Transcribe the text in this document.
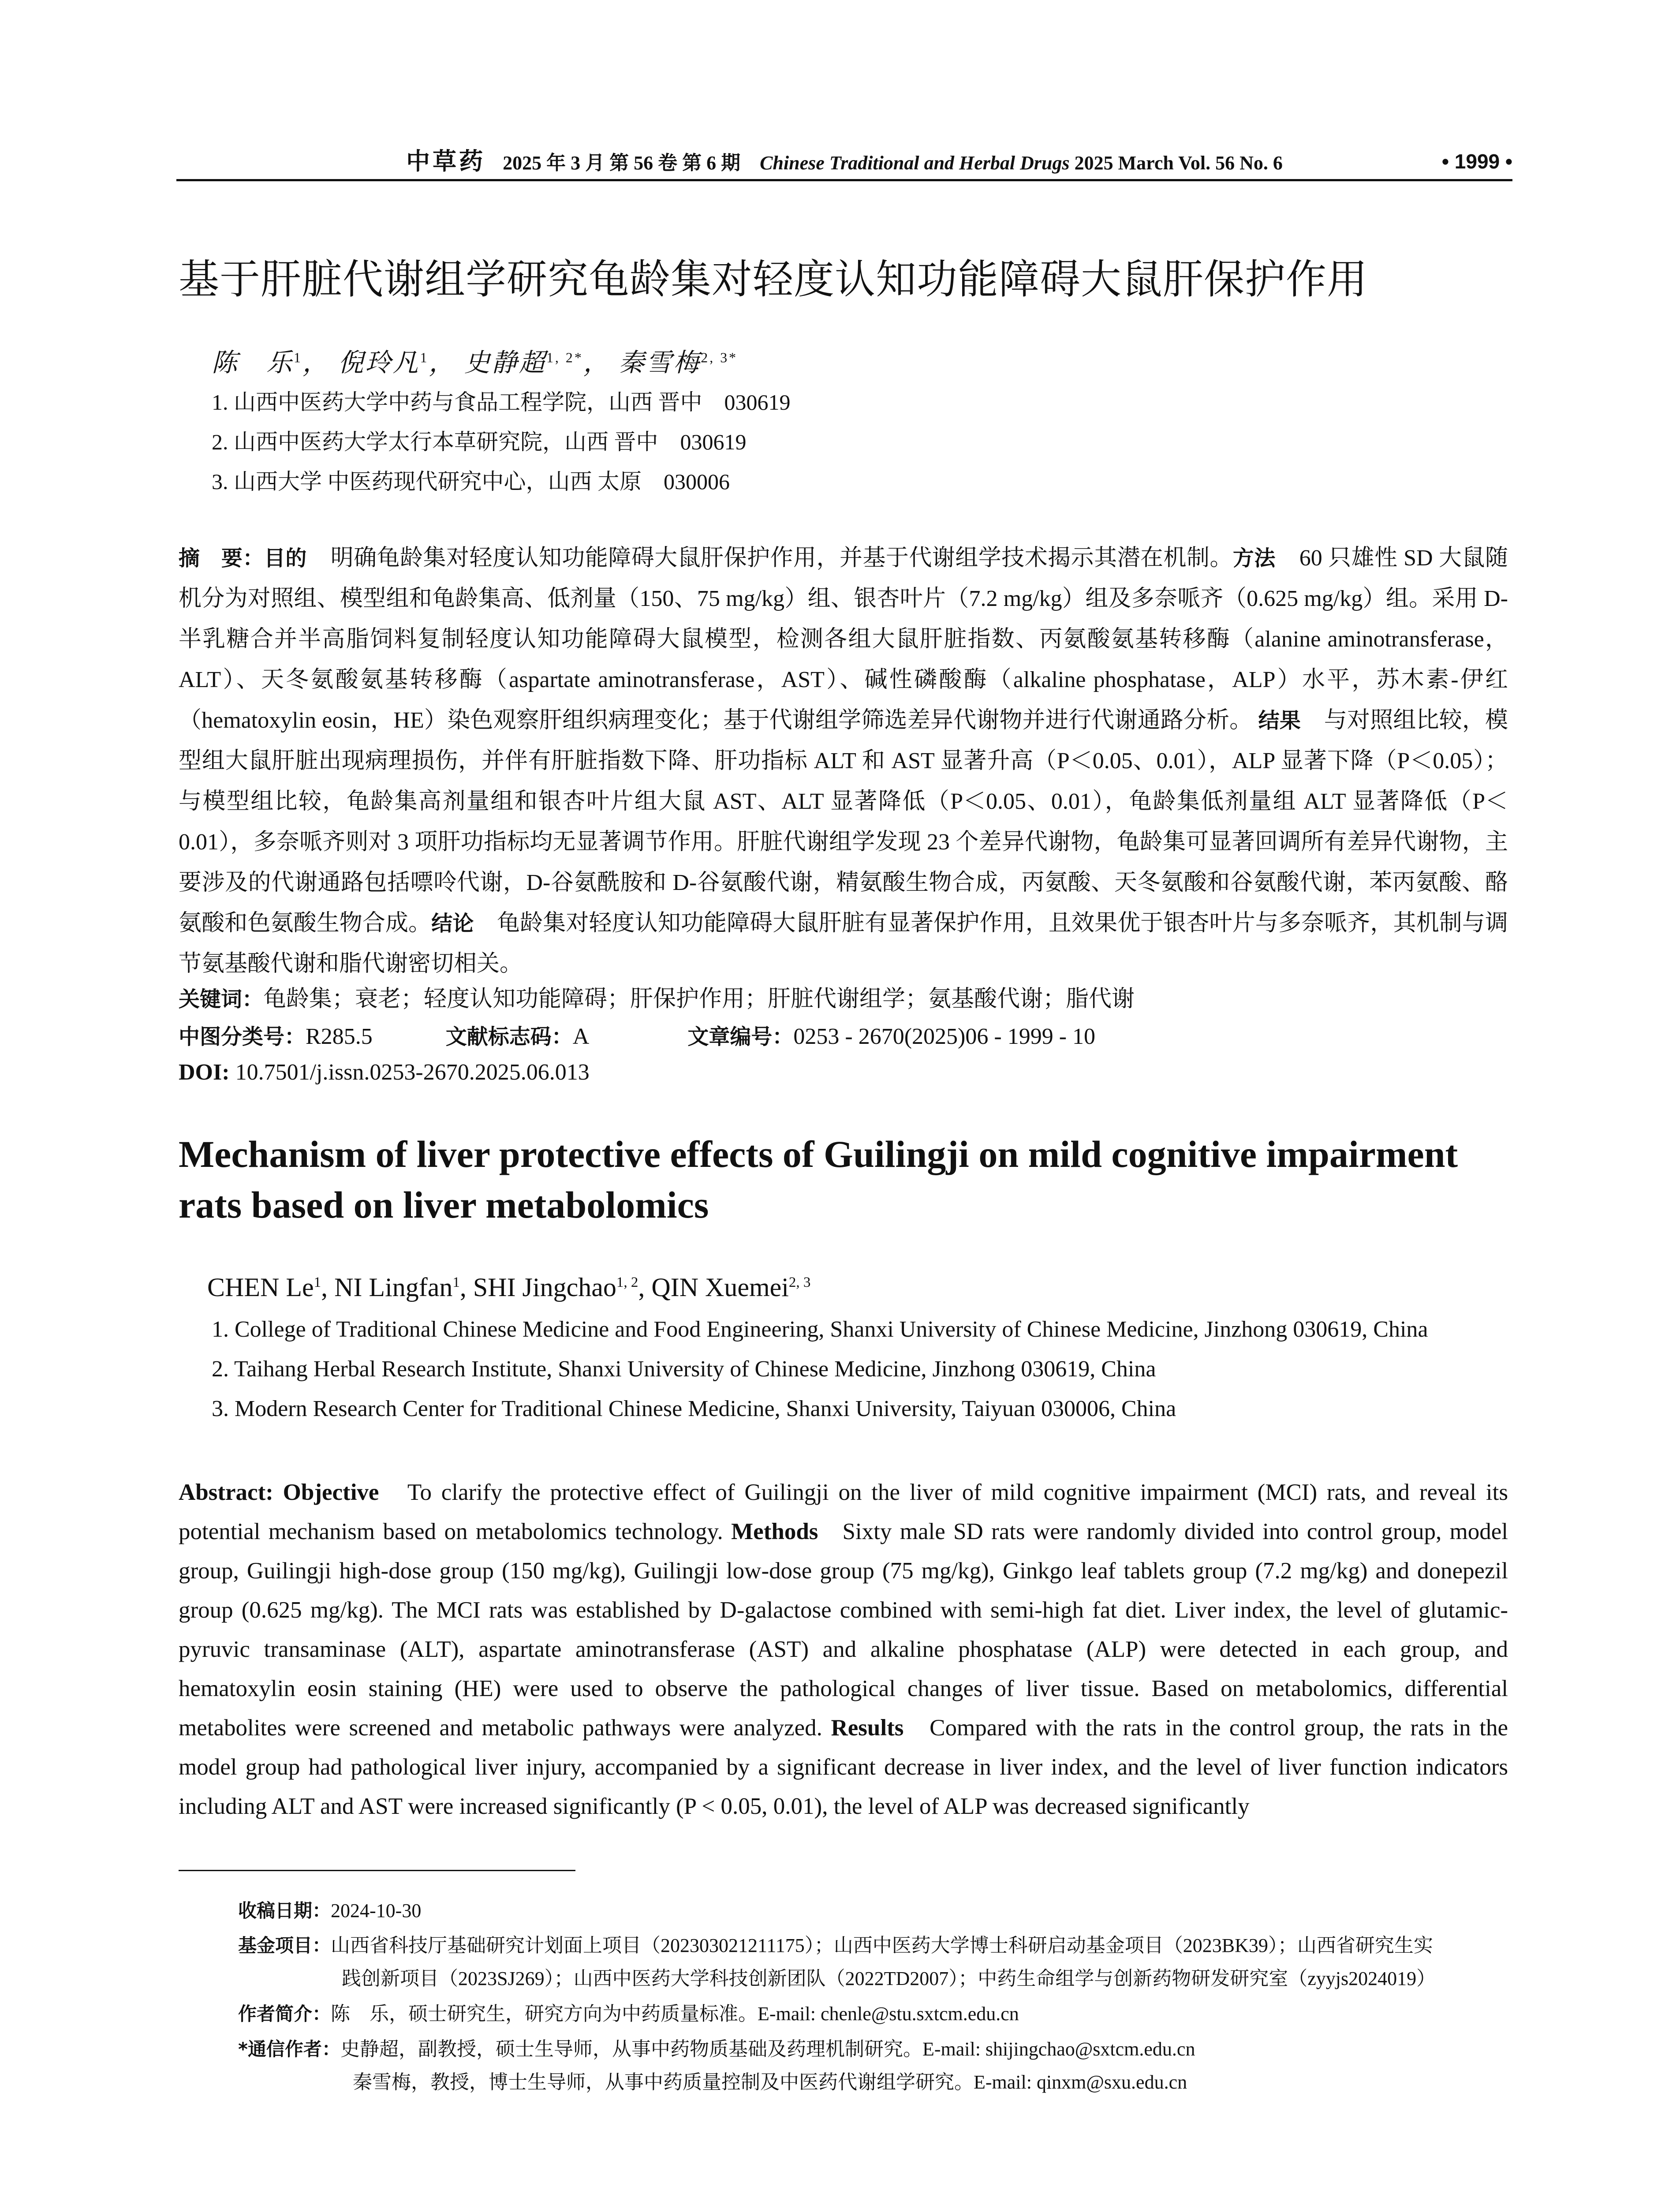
中草药 2025 年 3 月 第 56 卷 第 6 期 Chinese Traditional and Herbal Drugs 2025 March Vol. 56 No. 6	• 1999 •
基于肝脏代谢组学研究龟龄集对轻度认知功能障碍大鼠肝保护作用
陈　乐$^1$， 倪玲凡$^1$， 史静超$^{1, 2*}$， 秦雪梅$^{2, 3*}$
1. 山西中医药大学中药与食品工程学院，山西 晋中　030619
2. 山西中医药大学太行本草研究院，山西 晋中　030619
3. 山西大学 中医药现代研究中心，山西 太原　030006
摘　要：目的 明确龟龄集对轻度认知功能障碍大鼠肝保护作用，并基于代谢组学技术揭示其潜在机制。方法 60 只雄性 SD 大鼠随机分为对照组、模型组和龟龄集高、低剂量（150、75 mg/kg）组、银杏叶片（7.2 mg/kg）组及多奈哌齐（0.625 mg/kg）组。采用 D-半乳糖合并半高脂饲料复制轻度认知功能障碍大鼠模型，检测各组大鼠肝脏指数、丙氨酸氨基转移酶（alanine aminotransferase，ALT）、天冬氨酸氨基转移酶（aspartate aminotransferase，AST）、碱性磷酸酶（alkaline phosphatase，ALP）水平，苏木素-伊红（hematoxylin eosin，HE）染色观察肝组织病理变化；基于代谢组学筛选差异代谢物并进行代谢通路分析。 结果 与对照组比较，模型组大鼠肝脏出现病理损伤，并伴有肝脏指数下降、肝功指标 ALT 和 AST 显著升高（P＜0.05、0.01），ALP 显著下降（P＜0.05）；与模型组比较，龟龄集高剂量组和银杏叶片组大鼠 AST、ALT 显著降低（P＜0.05、0.01），龟龄集低剂量组 ALT 显著降低（P＜0.01），多奈哌齐则对 3 项肝功指标均无显著调节作用。肝脏代谢组学发现 23 个差异代谢物，龟龄集可显著回调所有差异代谢物，主要涉及的代谢通路包括嘌呤代谢，D-谷氨酰胺和 D-谷氨酸代谢，精氨酸生物合成，丙氨酸、天冬氨酸和谷氨酸代谢，苯丙氨酸、酪氨酸和色氨酸生物合成。结论 龟龄集对轻度认知功能障碍大鼠肝脏有显著保护作用，且效果优于银杏叶片与多奈哌齐，其机制与调节氨基酸代谢和脂代谢密切相关。
关键词：龟龄集；衰老；轻度认知功能障碍；肝保护作用；肝脏代谢组学；氨基酸代谢；脂代谢
中图分类号：R285.5	文献标志码：A	文章编号：0253 - 2670(2025)06 - 1999 - 10
DOI: 10.7501/j.issn.0253-2670.2025.06.013
Mechanism of liver protective effects of Guilingji on mild cognitive impairment rats based on liver metabolomics
CHEN Le$^1$, NI Lingfan$^1$, SHI Jingchao$^{1, 2}$, QIN Xuemei$^{2, 3}$
1. College of Traditional Chinese Medicine and Food Engineering, Shanxi University of Chinese Medicine, Jinzhong 030619, China
2. Taihang Herbal Research Institute, Shanxi University of Chinese Medicine, Jinzhong 030619, China
3. Modern Research Center for Traditional Chinese Medicine, Shanxi University, Taiyuan 030006, China
Abstract: Objective To clarify the protective effect of Guilingji on the liver of mild cognitive impairment (MCI) rats, and reveal its potential mechanism based on metabolomics technology. Methods Sixty male SD rats were randomly divided into control group, model group, Guilingji high-dose group (150 mg/kg), Guilingji low-dose group (75 mg/kg), Ginkgo leaf tablets group (7.2 mg/kg) and donepezil group (0.625 mg/kg). The MCI rats was established by D-galactose combined with semi-high fat diet. Liver index, the level of glutamic-pyruvic transaminase (ALT), aspartate aminotransferase (AST) and alkaline phosphatase (ALP) were detected in each group, and hematoxylin eosin staining (HE) were used to observe the pathological changes of liver tissue. Based on metabolomics, differential metabolites were screened and metabolic pathways were analyzed. Results Compared with the rats in the control group, the rats in the model group had pathological liver injury, accompanied by a significant decrease in liver index, and the level of liver function indicators including ALT and AST were increased significantly (P < 0.05, 0.01), the level of ALP was decreased significantly
收稿日期：2024-10-30
基金项目：山西省科技厅基础研究计划面上项目（202303021211175）；山西中医药大学博士科研启动基金项目（2023BK39）；山西省研究生实
践创新项目（2023SJ269）；山西中医药大学科技创新团队（2022TD2007）；中药生命组学与创新药物研发研究室（zyyjs2024019）
作者简介：陈　乐，硕士研究生，研究方向为中药质量标准。E-mail: chenle@stu.sxtcm.edu.cn
*通信作者：史静超，副教授，硕士生导师，从事中药物质基础及药理机制研究。E-mail: shijingchao@sxtcm.edu.cn
秦雪梅，教授，博士生导师，从事中药质量控制及中医药代谢组学研究。E-mail: qinxm@sxu.edu.cn
